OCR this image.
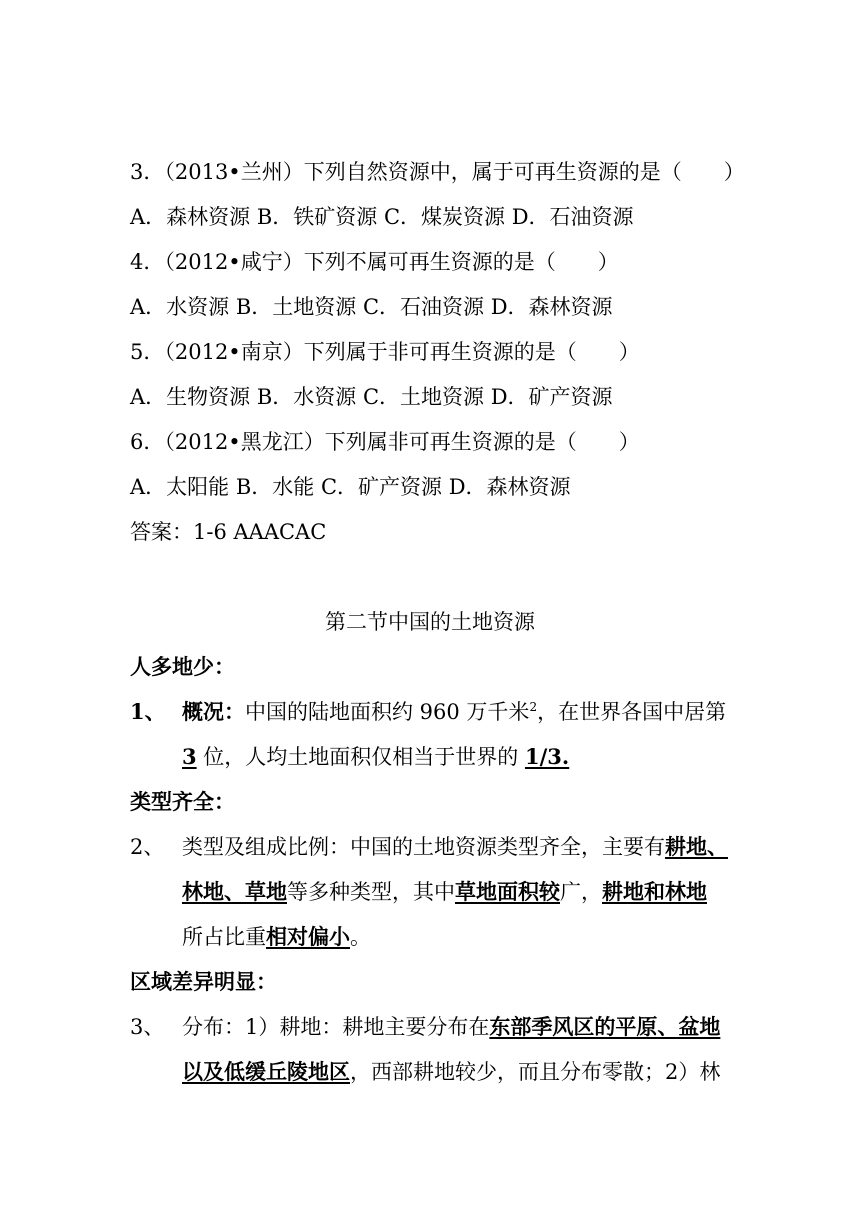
3．（2013•兰州）下列自然资源中，属于可再生资源的是（　　）
A．森林资源 B．铁矿资源 C．煤炭资源 D．石油资源
4．（2012•咸宁）下列不属可再生资源的是（　　）
A．水资源 B．土地资源 C．石油资源 D．森林资源
5．（2012•南京）下列属于非可再生资源的是（　　）
A．生物资源 B．水资源 C．土地资源 D．矿产资源
6．（2012•黑龙江）下列属非可再生资源的是（　　）
A．太阳能 B．水能 C．矿产资源 D．森林资源
答案：1-6 AAACAC
第二节中国的土地资源
人多地少：
1、 概况：中国的陆地面积约 960 万千米$^2$，在世界各国中居第
3 位，人均土地面积仅相当于世界的 1/3.
类型齐全：
2、 类型及组成比例：中国的土地资源类型齐全，主要有耕地、
林地、草地等多种类型，其中草地面积较广，耕地和林地
所占比重相对偏小。
区域差异明显：
3、 分布：1）耕地：耕地主要分布在东部季风区的平原、盆地
以及低缓丘陵地区，西部耕地较少，而且分布零散；2）林
